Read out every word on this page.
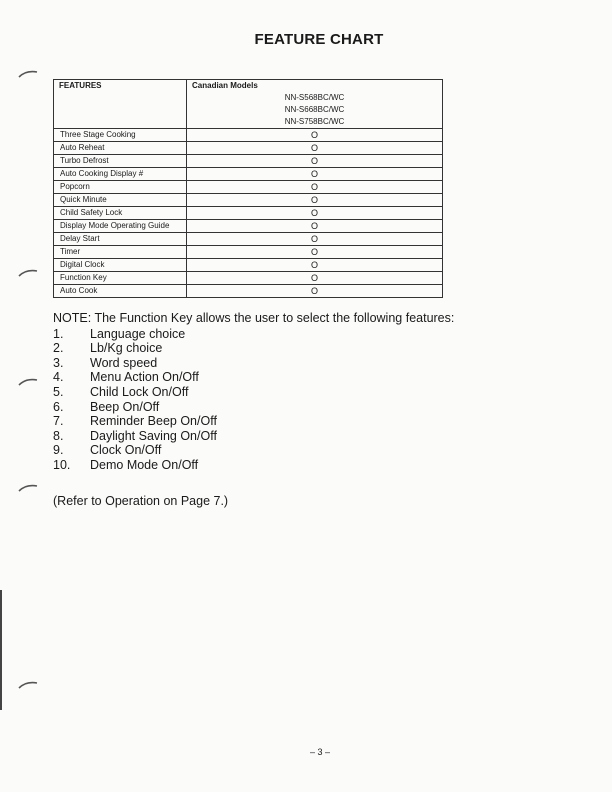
FEATURE CHART
FEATURES	Canadian Models
	NN-S568BC/WC
	NN-S668BC/WC
	NN-S758BC/WC
Three Stage Cooking	O
Auto Reheat	O
Turbo Defrost	O
Auto Cooking Display #	O
Popcorn	O
Quick Minute	O
Child Safety Lock	O
Display Mode Operating Guide	O
Delay Start	O
Timer	O
Digital Clock	O
Function Key	O
Auto Cook	O
NOTE: The Function Key allows the user to select the following features:
1.	Language choice
2.	Lb/Kg choice
3.	Word speed
4.	Menu Action On/Off
5.	Child Lock On/Off
6.	Beep On/Off
7.	Reminder Beep On/Off
8.	Daylight Saving On/Off
9.	Clock On/Off
10.	Demo Mode On/Off
(Refer to Operation on Page 7.)
– 3 –
